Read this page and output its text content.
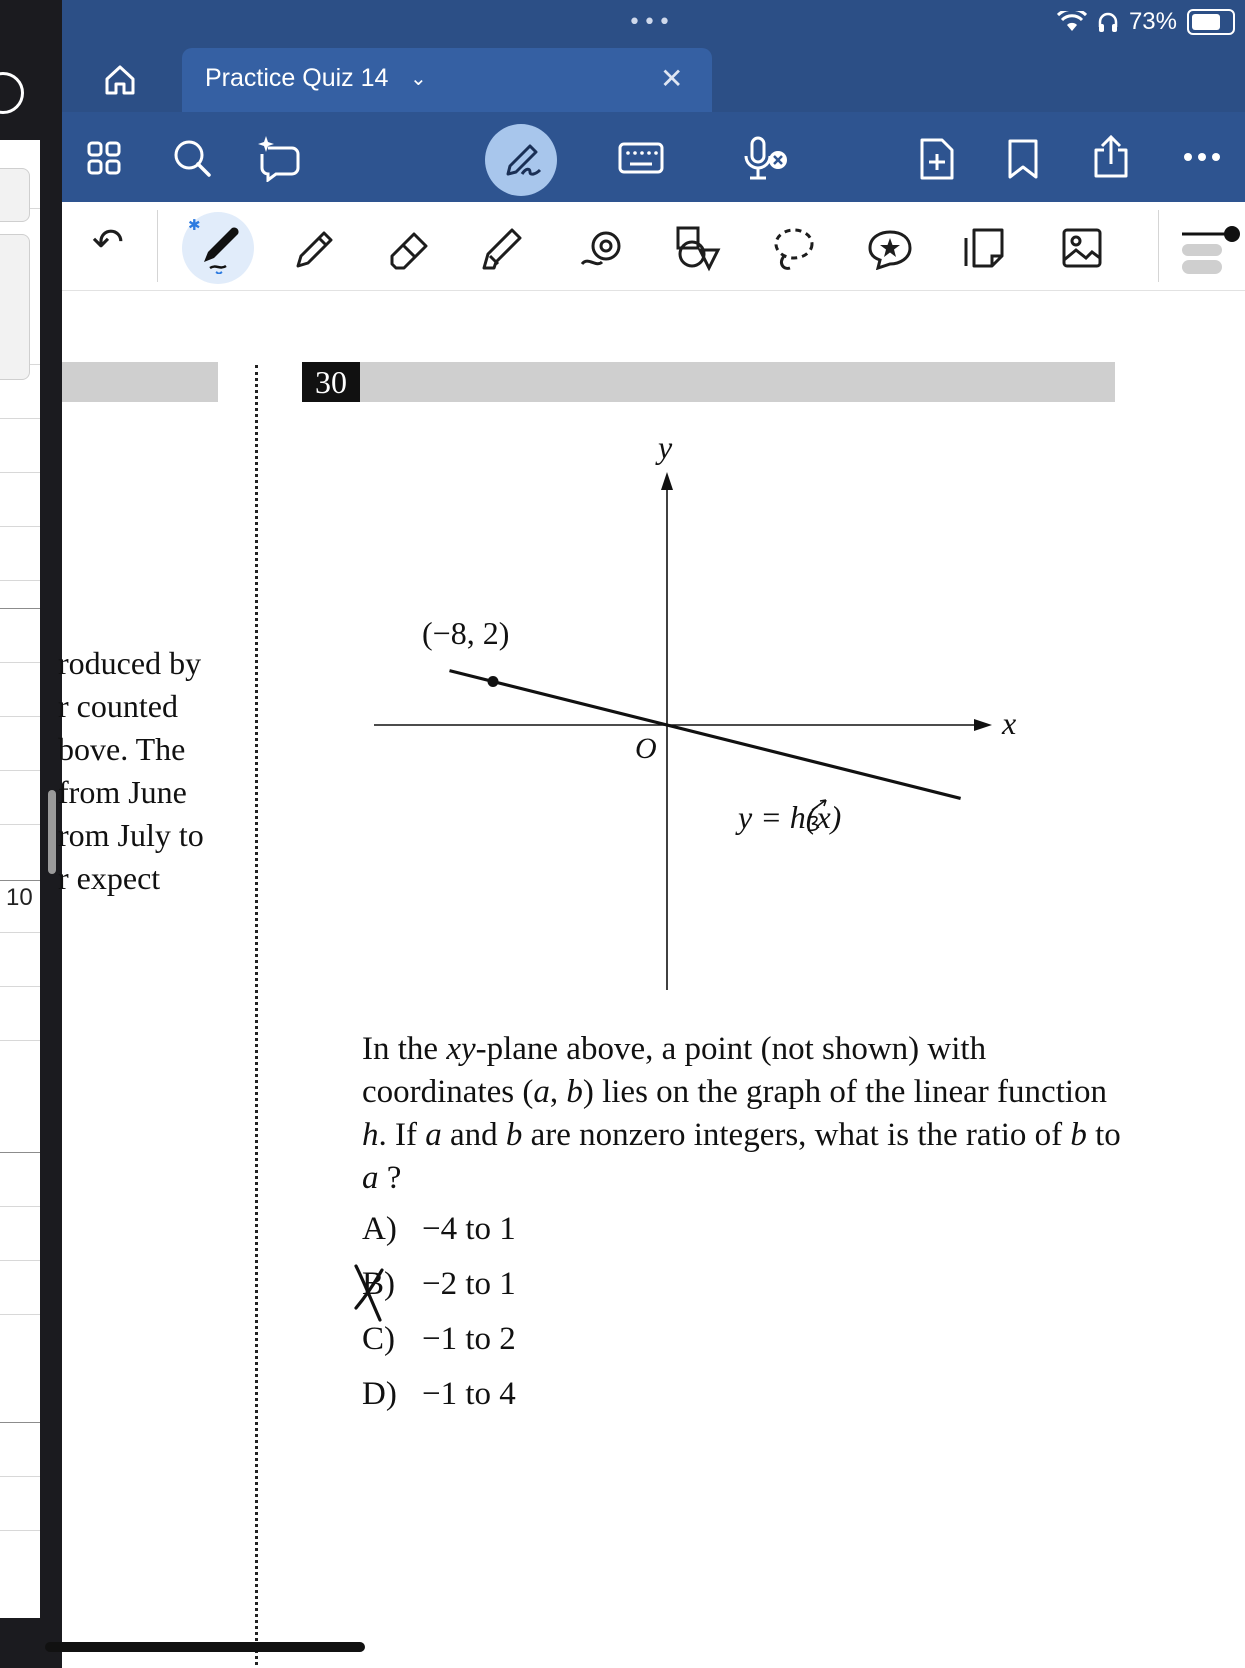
10
•••	73%
Practice Quiz 14 ⌄	✕
↶	✱
roduced by
r counted
bove. The
from June
rom July to
r expect
30
x
y
O
(−8, 2)
y = h(x)
In the xy-plane above, a point (not shown) with coordinates (a, b) lies on the graph of the linear function h. If a and b are nonzero integers, what is the ratio of b to a ?
A) −4 to 1
B) −2 to 1
C) −1 to 2
D) −1 to 4
